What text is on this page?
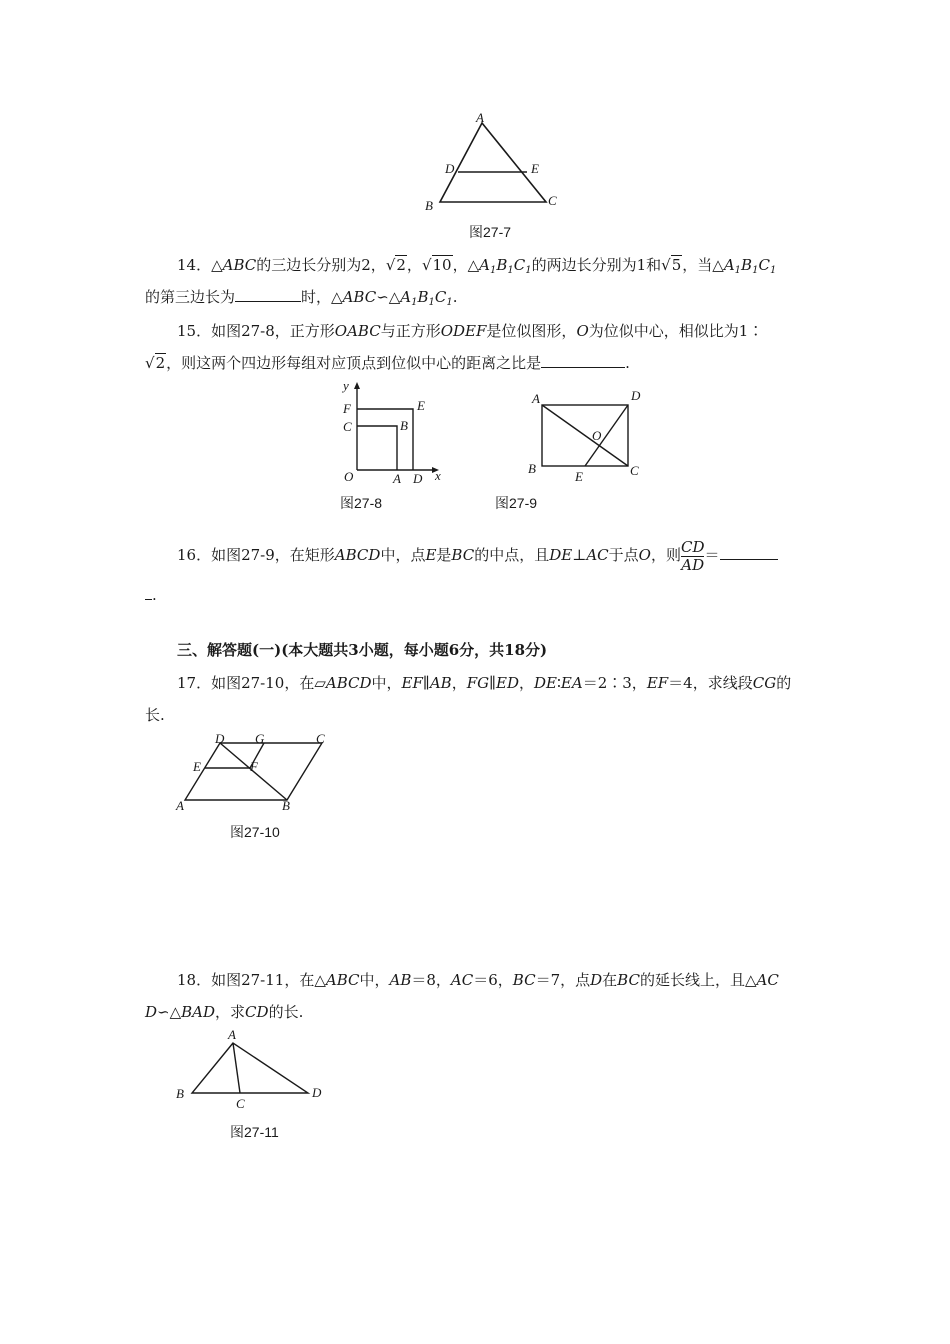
A
B	C
D	E
图27-7
14．△ABC的三边长分别为2，√2，√10，$\triangle A_1B_1C_1$的两边长分别为1和√5，当$\triangle A_1B_1C_1$
的第三边长为	时，$\triangle ABC∽\triangle A_1B_1C_1$.
15．如图27-8，正方形OABC与正方形ODEF是位似图形，O为位似中心，相似比为1∶
√2，则这两个四边形每组对应顶点到位似中心的距离之比是	.
y
F	E
C	B
O	A D x
图27-8
A	D
O
B
E	C
图27-9
16．如图27-9，在矩形ABCD中，点E是BC的中点，且DE⊥AC于点O，则 $\frac{CD}{AD}$ ＝
.
三、解答题(一)(本大题共3小题，每小题6分，共18分)
17．如图27-10，在▱ABCD中，EF∥AB，FG∥ED，DE∶EA＝2∶3，EF＝4，求线段CG的
长.
D G	C
E	F
A	B
图27-10
18．如图27-11，在△ABC中，AB＝8，AC＝6，BC＝7，点D在BC的延长线上，且△AC
D∽△BAD，求CD的长.
A
B
C
D
图27-11
